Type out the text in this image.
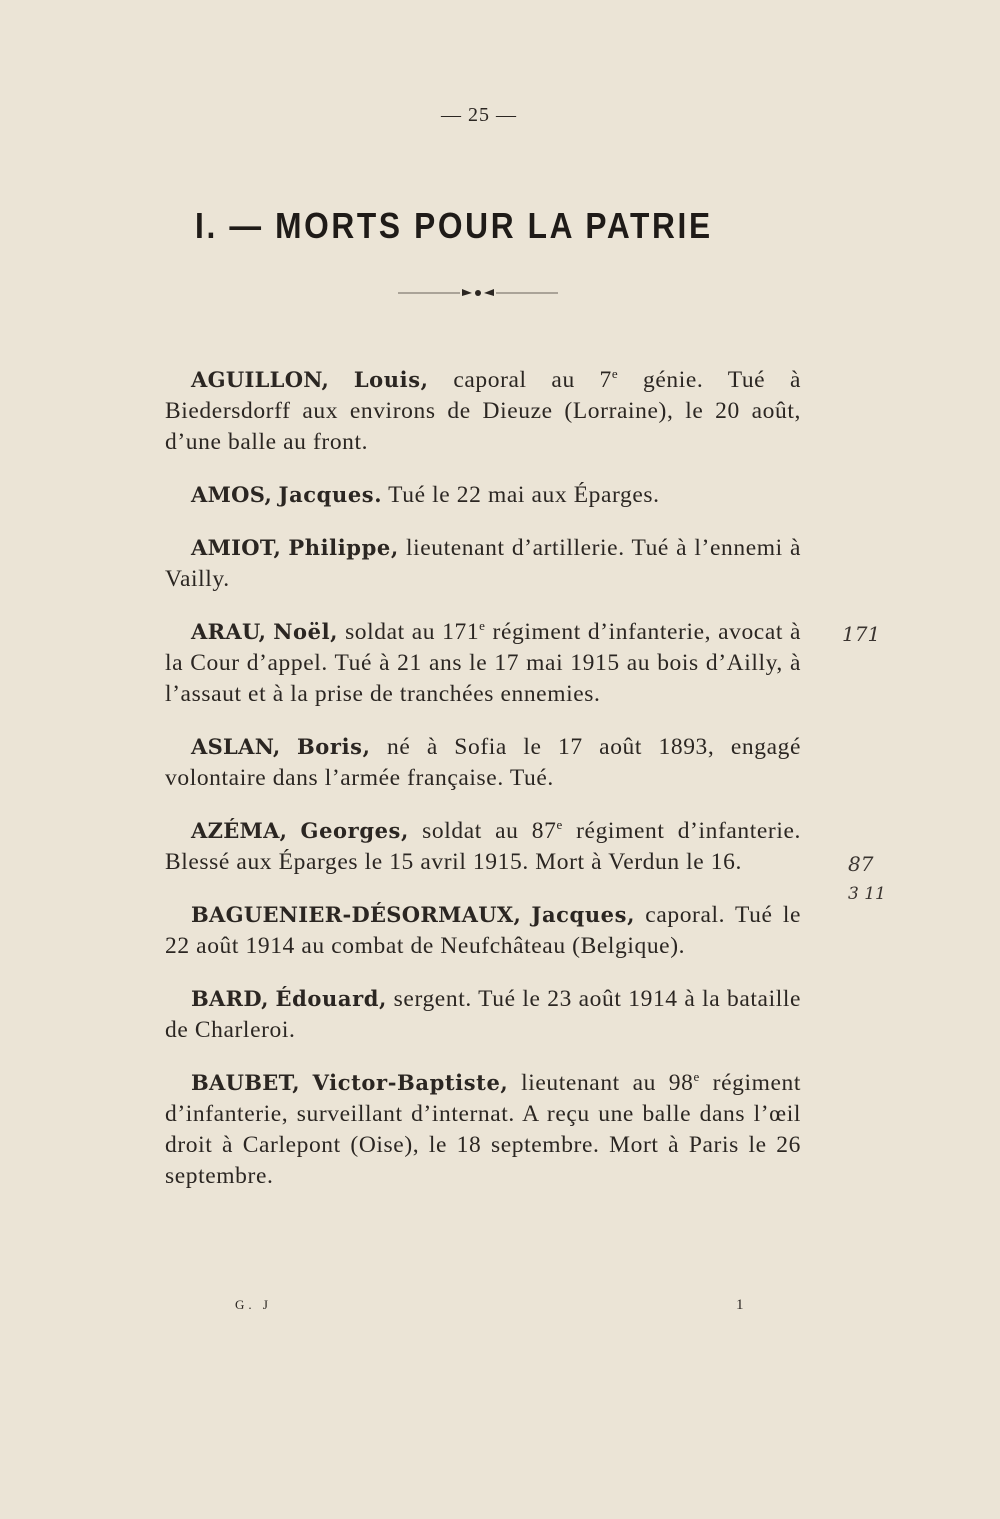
— 25 —
I. — MORTS POUR LA PATRIE

AGUILLON, Louis, caporal au 7e génie. Tué à Biedersdorff aux environs de Dieuze (Lorraine), le 20 août, d’une balle au front.

AMOS, Jacques. Tué le 22 mai aux Éparges.

AMIOT, Philippe, lieutenant d’artillerie. Tué à l’ennemi à Vailly.

ARAU, Noël, soldat au 171e régiment d’infanterie, avocat à la Cour d’appel. Tué à 21 ans le 17 mai 1915 au bois d’Ailly, à l’assaut et à la prise de tranchées ennemies.

ASLAN, Boris, né à Sofia le 17 août 1893, engagé volontaire dans l’armée française. Tué.

AZÉMA, Georges, soldat au 87e régiment d’infanterie. Blessé aux Éparges le 15 avril 1915. Mort à Verdun le 16.

BAGUENIER-DÉSORMAUX, Jacques, caporal. Tué le 22 août 1914 au combat de Neufchâteau (Belgique).

BARD, Édouard, sergent. Tué le 23 août 1914 à la bataille de Charleroi.

BAUBET, Victor-Baptiste, lieutenant au 98e régiment d’infanterie, surveillant d’internat. A reçu une balle dans l’œil droit à Carlepont (Oise), le 18 septembre. Mort à Paris le 26 septembre.

171
87
3 11
G. J	1
